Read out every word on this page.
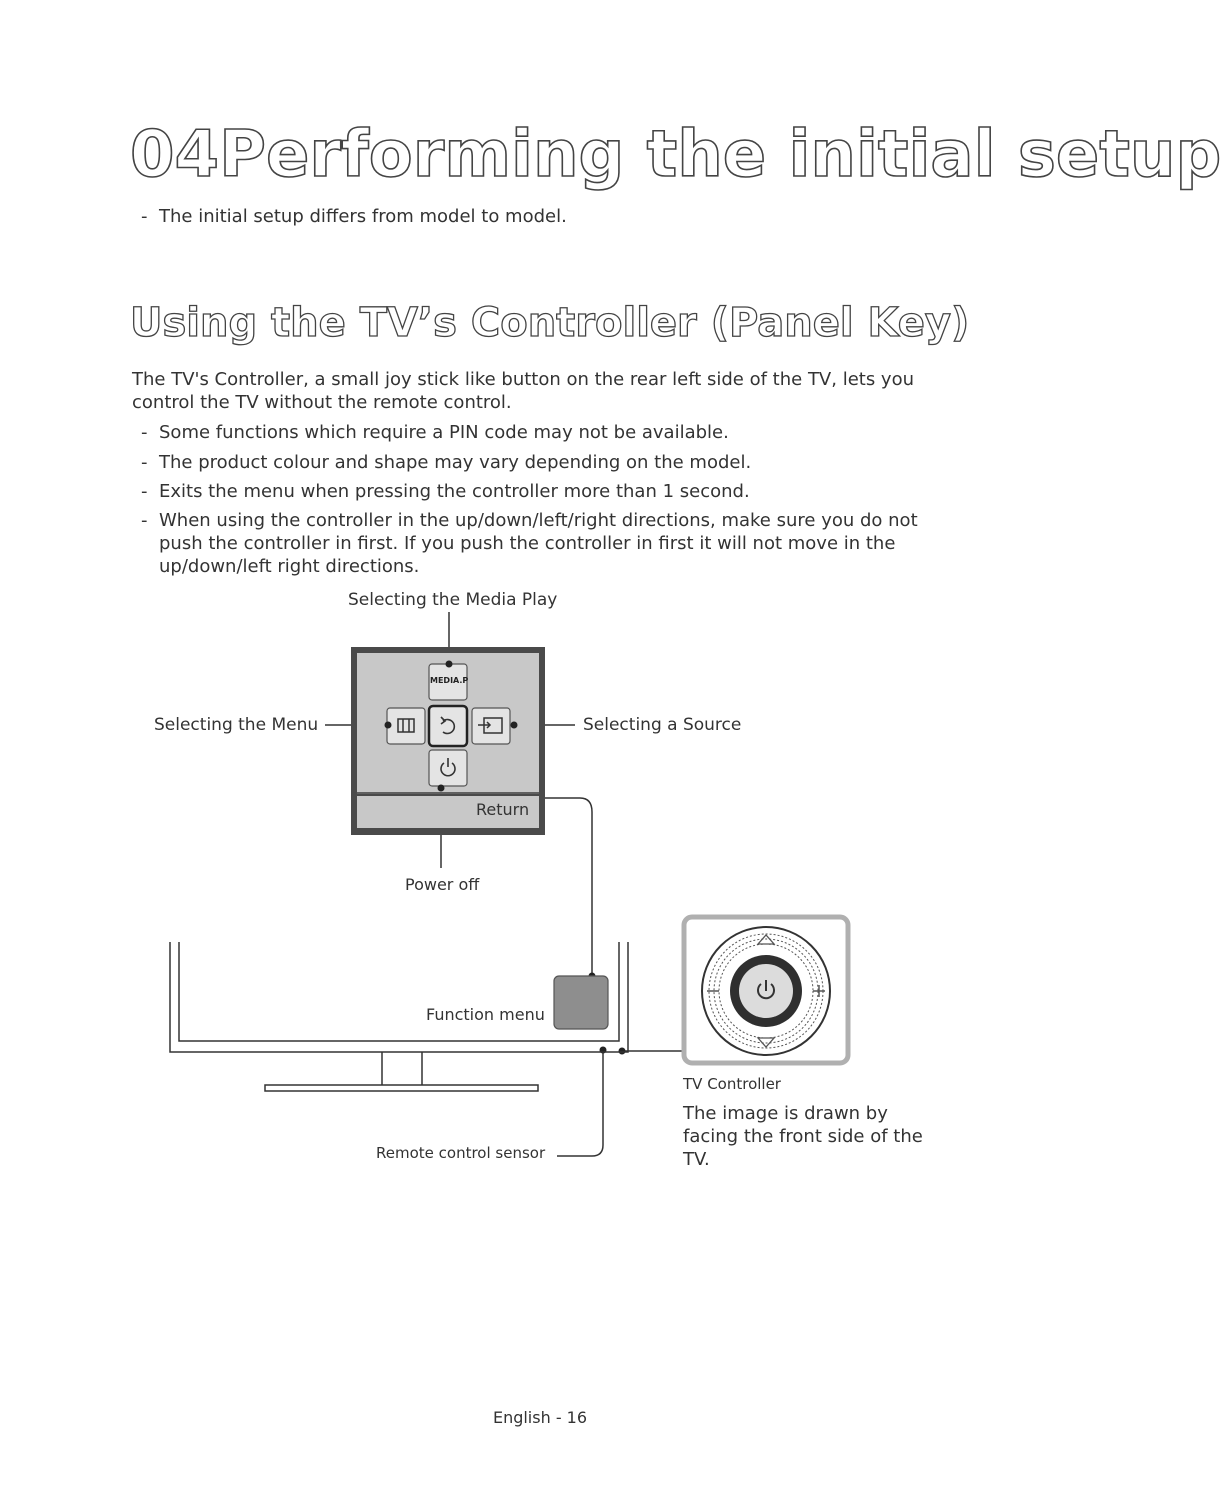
04Performing the initial setup
- The initial setup differs from model to model.
Using the TV’s Controller (Panel Key)
The TV's Controller, a small joy stick like button on the rear left side of the TV, lets you control the TV without the remote control.
- Some functions which require a PIN code may not be available.
- The product colour and shape may vary depending on the model.
- Exits the menu when pressing the controller more than 1 second.
- When using the controller in the up/down/left/right directions, make sure you do not push the controller in first. If you push the controller in first it will not move in the up/down/left right directions.
MEDIA.P
Selecting the Media Play
Selecting the Menu	Selecting a Source
Return
Power off
Function menu
TV Controller
Remote control sensor
The image is drawn by facing the front side of the TV.
English - 16
